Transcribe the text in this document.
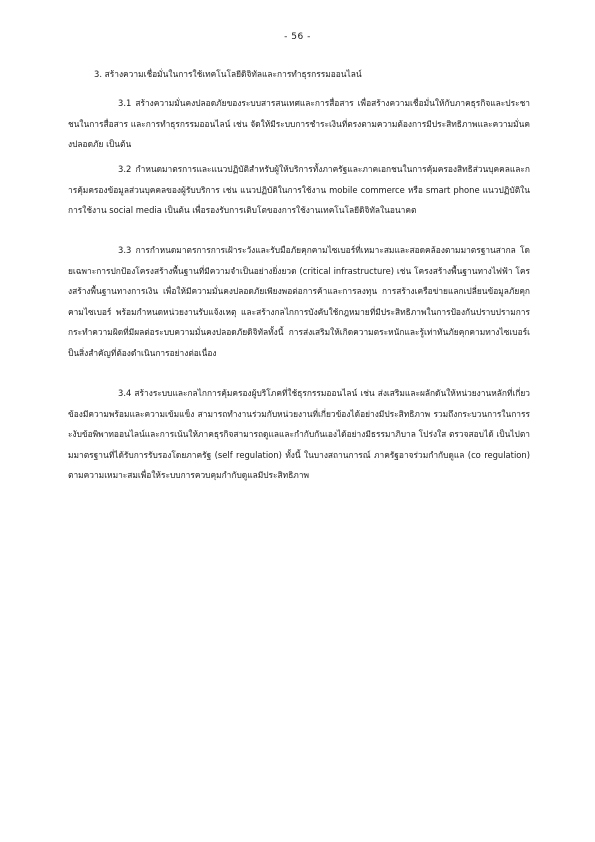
- 56 -
3. สร้างความเชื่อมั่นในการใช้เทคโนโลยีดิจิทัลและการทำธุรกรรมออนไลน์

3.1 สร้างความมั่นคงปลอดภัยของระบบสารสนเทศและการสื่อสาร เพื่อสร้างความเชื่อมั่นให้กับภาคธุรกิจและประชาชนในการสื่อสาร และการทำธุรกรรมออนไลน์ เช่น จัดให้มีระบบการชำระเงินที่ตรงตามความต้องการมีประสิทธิภาพและความมั่นคงปลอดภัย เป็นต้น

3.2 กำหนดมาตรการและแนวปฏิบัติสำหรับผู้ให้บริการทั้งภาครัฐและภาคเอกชนในการคุ้มครองสิทธิส่วนบุคคลและการคุ้มครองข้อมูลส่วนบุคคลของผู้รับบริการ เช่น แนวปฏิบัติในการใช้งาน mobile commerce หรือ smart phone แนวปฏิบัติในการใช้งาน social media เป็นต้น เพื่อรองรับการเติบโตของการใช้งานเทคโนโลยีดิจิทัลในอนาคต

3.3 การกำหนดมาตรการการเฝ้าระวังและรับมือภัยคุกคามไซเบอร์ที่เหมาะสมและสอดคล้องตามมาตรฐานสากล โดยเฉพาะการปกป้องโครงสร้างพื้นฐานที่มีความจำเป็นอย่างยิ่งยวด (critical infrastructure) เช่น โครงสร้างพื้นฐานทางไฟฟ้า โครงสร้างพื้นฐานทางการเงิน เพื่อให้มีความมั่นคงปลอดภัยเพียงพอต่อการค้าและการลงทุน การสร้างเครือข่ายแลกเปลี่ยนข้อมูลภัยคุกคามไซเบอร์ พร้อมกำหนดหน่วยงานรับแจ้งเหตุ และสร้างกลไกการบังคับใช้กฎหมายที่มีประสิทธิภาพในการป้องกันปราบปรามการกระทำความผิดที่มีผลต่อระบบความมั่นคงปลอดภัยดิจิทัลทั้งนี้ การส่งเสริมให้เกิดความตระหนักและรู้เท่าทันภัยคุกคามทางไซเบอร์เป็นสิ่งสำคัญที่ต้องดำเนินการอย่างต่อเนื่อง

3.4 สร้างระบบและกลไกการคุ้มครองผู้บริโภคที่ใช้ธุรกรรมออนไลน์ เช่น ส่งเสริมและผลักดันให้หน่วยงานหลักที่เกี่ยวข้องมีความพร้อมและความเข้มแข็ง สามารถทำงานร่วมกับหน่วยงานที่เกี่ยวข้องได้อย่างมีประสิทธิภาพ รวมถึงกระบวนการในการระงับข้อพิพาทออนไลน์และการเน้นให้ภาคธุรกิจสามารถดูแลและกำกับกันเองได้อย่างมีธรรมาภิบาล โปร่งใส ตรวจสอบได้ เป็นไปตามมาตรฐานที่ได้รับการรับรองโดยภาครัฐ (self regulation) ทั้งนี้ ในบางสถานการณ์ ภาครัฐอาจร่วมกำกับดูแล (co regulation) ตามความเหมาะสมเพื่อให้ระบบการควบคุมกำกับดูแลมีประสิทธิภาพ
